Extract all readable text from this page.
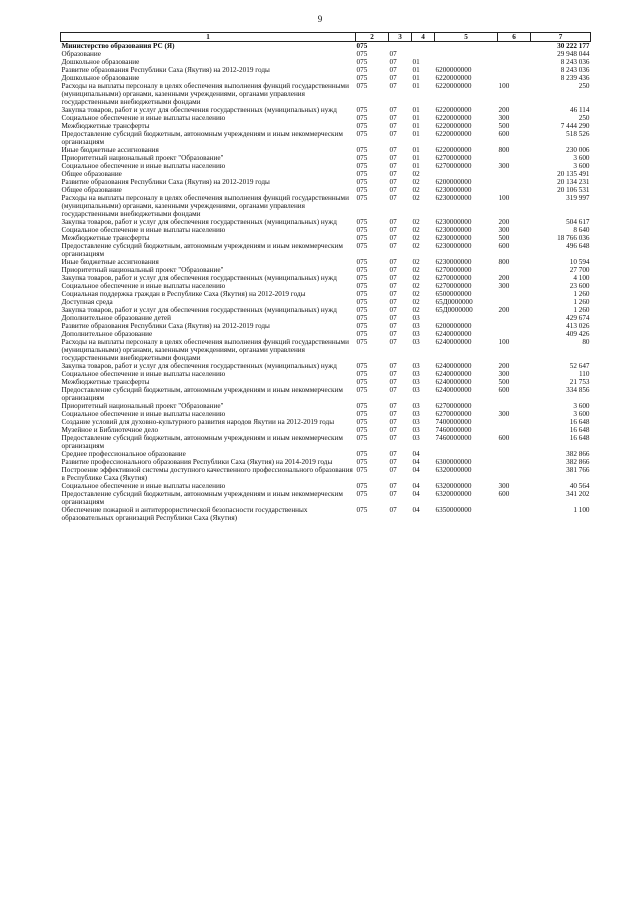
9
1	2	3	4	5	6	7
Министерство образования РС (Я)	075					30 222 177
Образование	075	07				29 948 044
Дошкольное образование	075	07	01			8 243 036
Развитие образования Республики Саха (Якутия) на 2012-2019 годы	075	07	01	6200000000		8 243 036
Дошкольное образование	075	07	01	6220000000		8 239 436
Расходы на выплаты персоналу в целях обеспечения выполнения функций государственными (муниципальными) органами, казенными учреждениями, органами управления государственными внебюджетными фондами	075	07	01	6220000000	100	250
Закупка товаров, работ и услуг для обеспечения государственных (муниципальных) нужд	075	07	01	6220000000	200	46 114
Социальное обеспечение и иные выплаты населению	075	07	01	6220000000	300	250
Межбюджетные трансферты	075	07	01	6220000000	500	7 444 290
Предоставление субсидий бюджетным, автономным учреждениям и иным некоммерческим организациям	075	07	01	6220000000	600	518 526
Иные бюджетные ассигнования	075	07	01	6220000000	800	230 006
Приоритетный национальный проект "Образование"	075	07	01	6270000000		3 600
Социальное обеспечение и иные выплаты населению	075	07	01	6270000000	300	3 600
Общее образование	075	07	02			20 135 491
Развитие образования Республики Саха (Якутия) на 2012-2019 годы	075	07	02	6200000000		20 134 231
Общее образование	075	07	02	6230000000		20 106 531
Расходы на выплаты персоналу в целях обеспечения выполнения функций государственными (муниципальными) органами, казенными учреждениями, органами управления государственными внебюджетными фондами	075	07	02	6230000000	100	319 997
Закупка товаров, работ и услуг для обеспечения государственных (муниципальных) нужд	075	07	02	6230000000	200	504 617
Социальное обеспечение и иные выплаты населению	075	07	02	6230000000	300	8 640
Межбюджетные трансферты	075	07	02	6230000000	500	18 766 036
Предоставление субсидий бюджетным, автономным учреждениям и иным некоммерческим организациям	075	07	02	6230000000	600	496 648
Иные бюджетные ассигнования	075	07	02	6230000000	800	10 594
Приоритетный национальный проект "Образование"	075	07	02	6270000000		27 700
Закупка товаров, работ и услуг для обеспечения государственных (муниципальных) нужд	075	07	02	6270000000	200	4 100
Социальное обеспечение и иные выплаты населению	075	07	02	6270000000	300	23 600
Социальная поддержка граждан в Республике Саха (Якутия) на 2012-2019 годы	075	07	02	6500000000		1 260
Доступная среда	075	07	02	65Д0000000		1 260
Закупка товаров, работ и услуг для обеспечения государственных (муниципальных) нужд	075	07	02	65Д0000000	200	1 260
Дополнительное образование детей	075	07	03			429 674
Развитие образования Республики Саха (Якутия) на 2012-2019 годы	075	07	03	6200000000		413 026
Дополнительное образование	075	07	03	6240000000		409 426
Расходы на выплаты персоналу в целях обеспечения выполнения функций государственными (муниципальными) органами, казенными учреждениями, органами управления государственными внебюджетными фондами	075	07	03	6240000000	100	80
Закупка товаров, работ и услуг для обеспечения государственных (муниципальных) нужд	075	07	03	6240000000	200	52 647
Социальное обеспечение и иные выплаты населению	075	07	03	6240000000	300	110
Межбюджетные трансферты	075	07	03	6240000000	500	21 753
Предоставление субсидий бюджетным, автономным учреждениям и иным некоммерческим организациям	075	07	03	6240000000	600	334 856
Приоритетный национальный проект "Образование"	075	07	03	6270000000		3 600
Социальное обеспечение и иные выплаты населению	075	07	03	6270000000	300	3 600
Создание условий для духовно-культурного развития народов Якутии на 2012-2019 годы	075	07	03	7400000000		16 648
Музейное и Библиотечное дело	075	07	03	7460000000		16 648
Предоставление субсидий бюджетным, автономным учреждениям и иным некоммерческим организациям	075	07	03	7460000000	600	16 648
Среднее профессиональное образование	075	07	04			382 866
Развитие профессионального образования Республики Саха (Якутия) на 2014-2019 годы	075	07	04	6300000000		382 866
Построение эффективной системы доступного качественного профессионального образования в Республике Саха (Якутия)	075	07	04	6320000000		381 766
Социальное обеспечение и иные выплаты населению	075	07	04	6320000000	300	40 564
Предоставление субсидий бюджетным, автономным учреждениям и иным некоммерческим организациям	075	07	04	6320000000	600	341 202
Обеспечение пожарной и антитеррористической безопасности государственных образовательных организаций Республики Саха (Якутия)	075	07	04	6350000000		1 100
